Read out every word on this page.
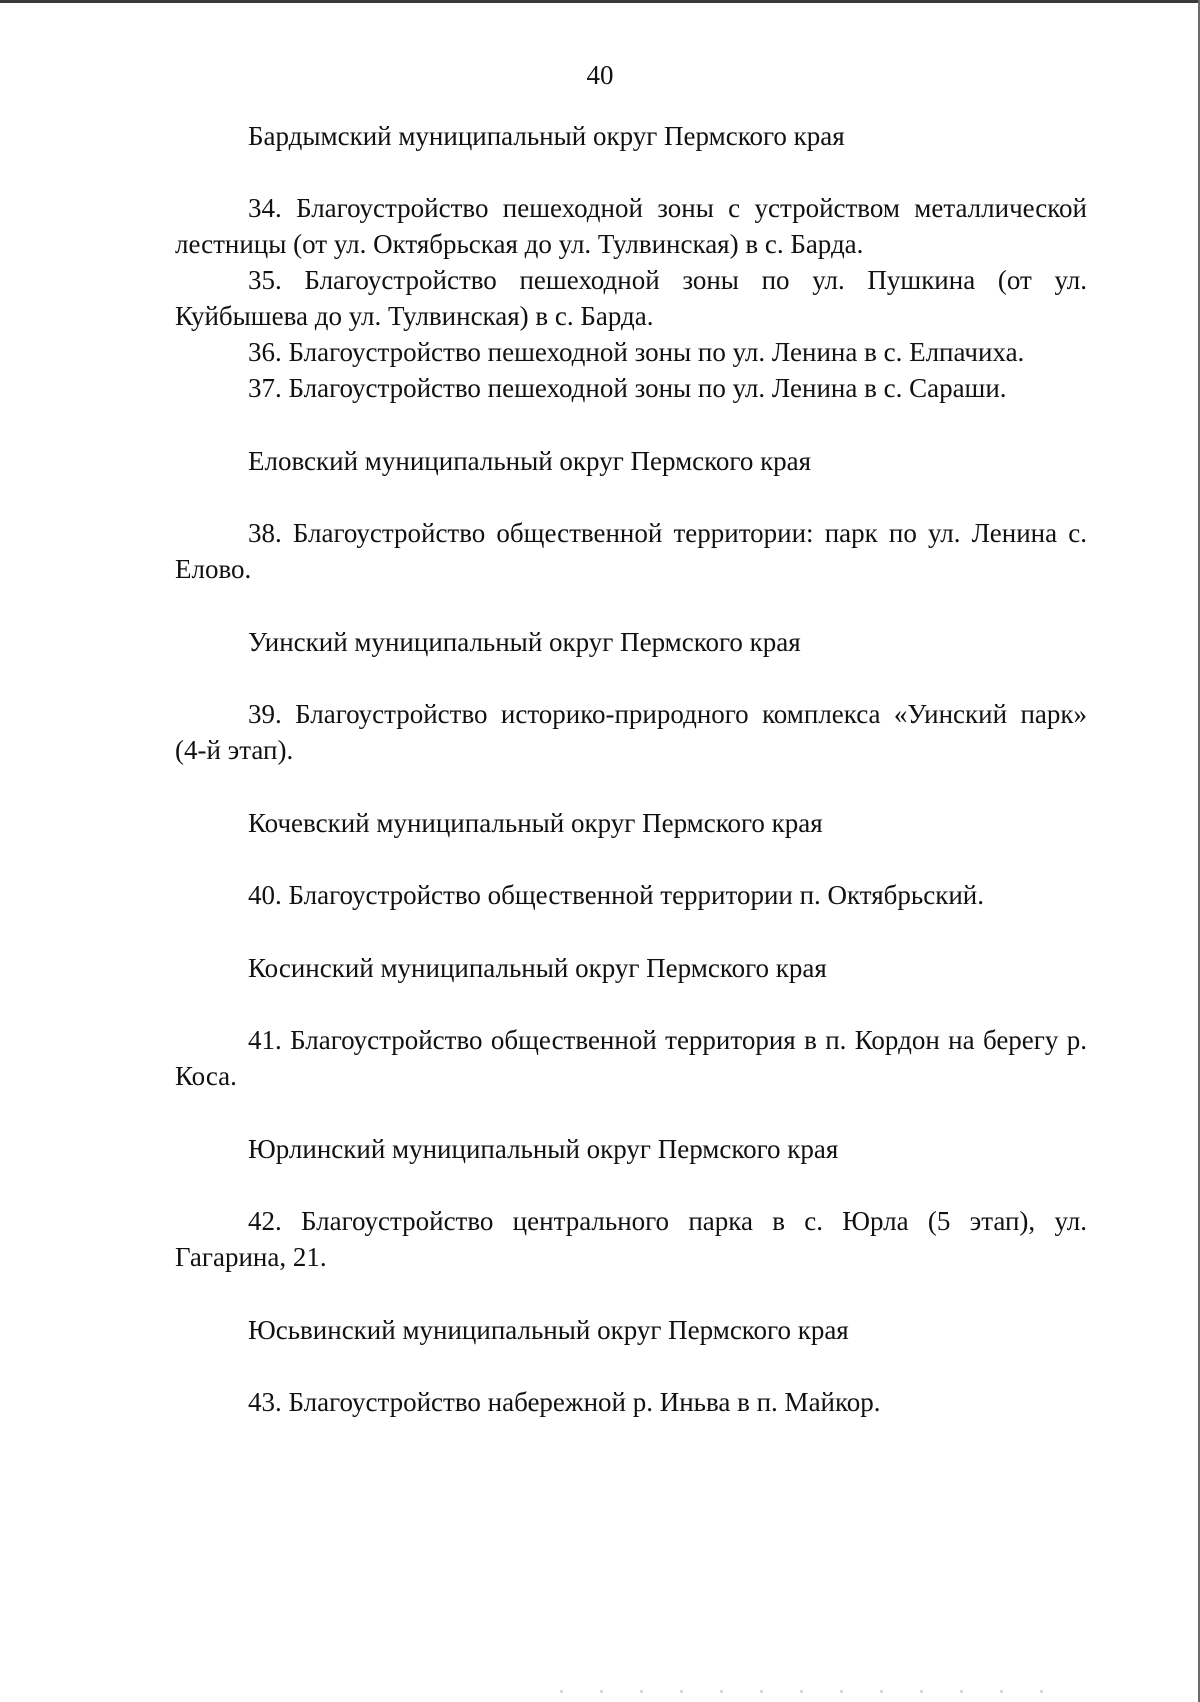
40

Бардымский муниципальный округ Пермского края

34. Благоустройство пешеходной зоны с устройством металлической лестницы (от ул. Октябрьская до ул. Тулвинская) в с. Барда.

35. Благоустройство пешеходной зоны по ул. Пушкина (от ул. Куйбышева до ул. Тулвинская) в с. Барда.

36. Благоустройство пешеходной зоны по ул. Ленина в с. Елпачиха.

37. Благоустройство пешеходной зоны по ул. Ленина в с. Сараши.

Еловский муниципальный округ Пермского края

38. Благоустройство общественной территории: парк по ул. Ленина с. Елово.

Уинский муниципальный округ Пермского края

39. Благоустройство историко-природного комплекса «Уинский парк» (4-й этап).

Кочевский муниципальный округ Пермского края

40. Благоустройство общественной территории п. Октябрьский.

Косинский муниципальный округ Пермского края

41. Благоустройство общественной территория в п. Кордон на берегу р. Коса.

Юрлинский муниципальный округ Пермского края

42. Благоустройство центрального парка в с. Юрла (5 этап), ул. Гагарина, 21.

Юсьвинский муниципальный округ Пермского края

43. Благоустройство набережной р. Иньва в п. Майкор.
